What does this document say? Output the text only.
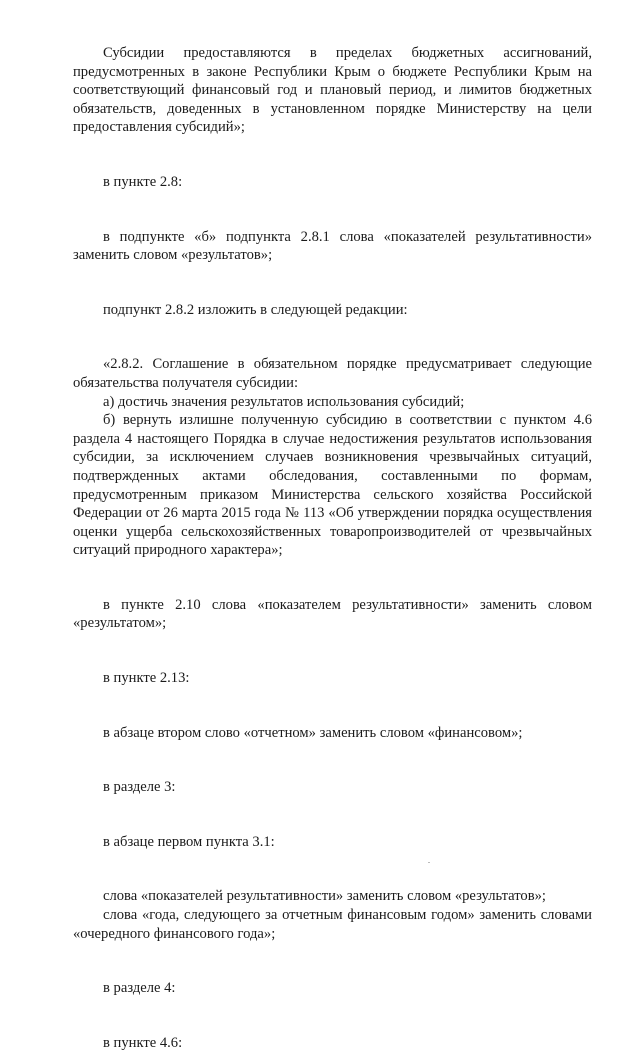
Субсидии предоставляются в пределах бюджетных ассигнований, предусмотренных в законе Республики Крым о бюджете Республики Крым на соответствующий финансовый год и плановый период, и лимитов бюджетных обязательств, доведенных в установленном порядке Министерству на цели предоставления субсидий»;

в пункте 2.8:

в подпункте «б» подпункта 2.8.1 слова «показателей результативности» заменить словом «результатов»;

подпункт 2.8.2 изложить в следующей редакции:

«2.8.2. Соглашение в обязательном порядке предусматривает следующие обязательства получателя субсидии:

а) достичь значения результатов использования субсидий;

б) вернуть излишне полученную субсидию в соответствии с пунктом 4.6 раздела 4 настоящего Порядка в случае недостижения результатов использования субсидии, за исключением случаев возникновения чрезвычайных ситуаций, подтвержденных актами обследования, составленными по формам, предусмотренным приказом Министерства сельского хозяйства Российской Федерации от 26 марта 2015 года № 113 «Об утверждении порядка осуществления оценки ущерба сельскохозяйственных товаропроизводителей от чрезвычайных ситуаций природного характера»;

в пункте 2.10 слова «показателем результативности» заменить словом «результатом»;

в пункте 2.13:

в абзаце втором слово «отчетном» заменить словом «финансовом»;

в разделе 3:

в абзаце первом пункта 3.1:

слова «показателей результативности» заменить словом «результатов»;

слова «года, следующего за отчетным финансовым годом» заменить словами «очередного финансового года»;

в разделе 4:

в пункте 4.6:
